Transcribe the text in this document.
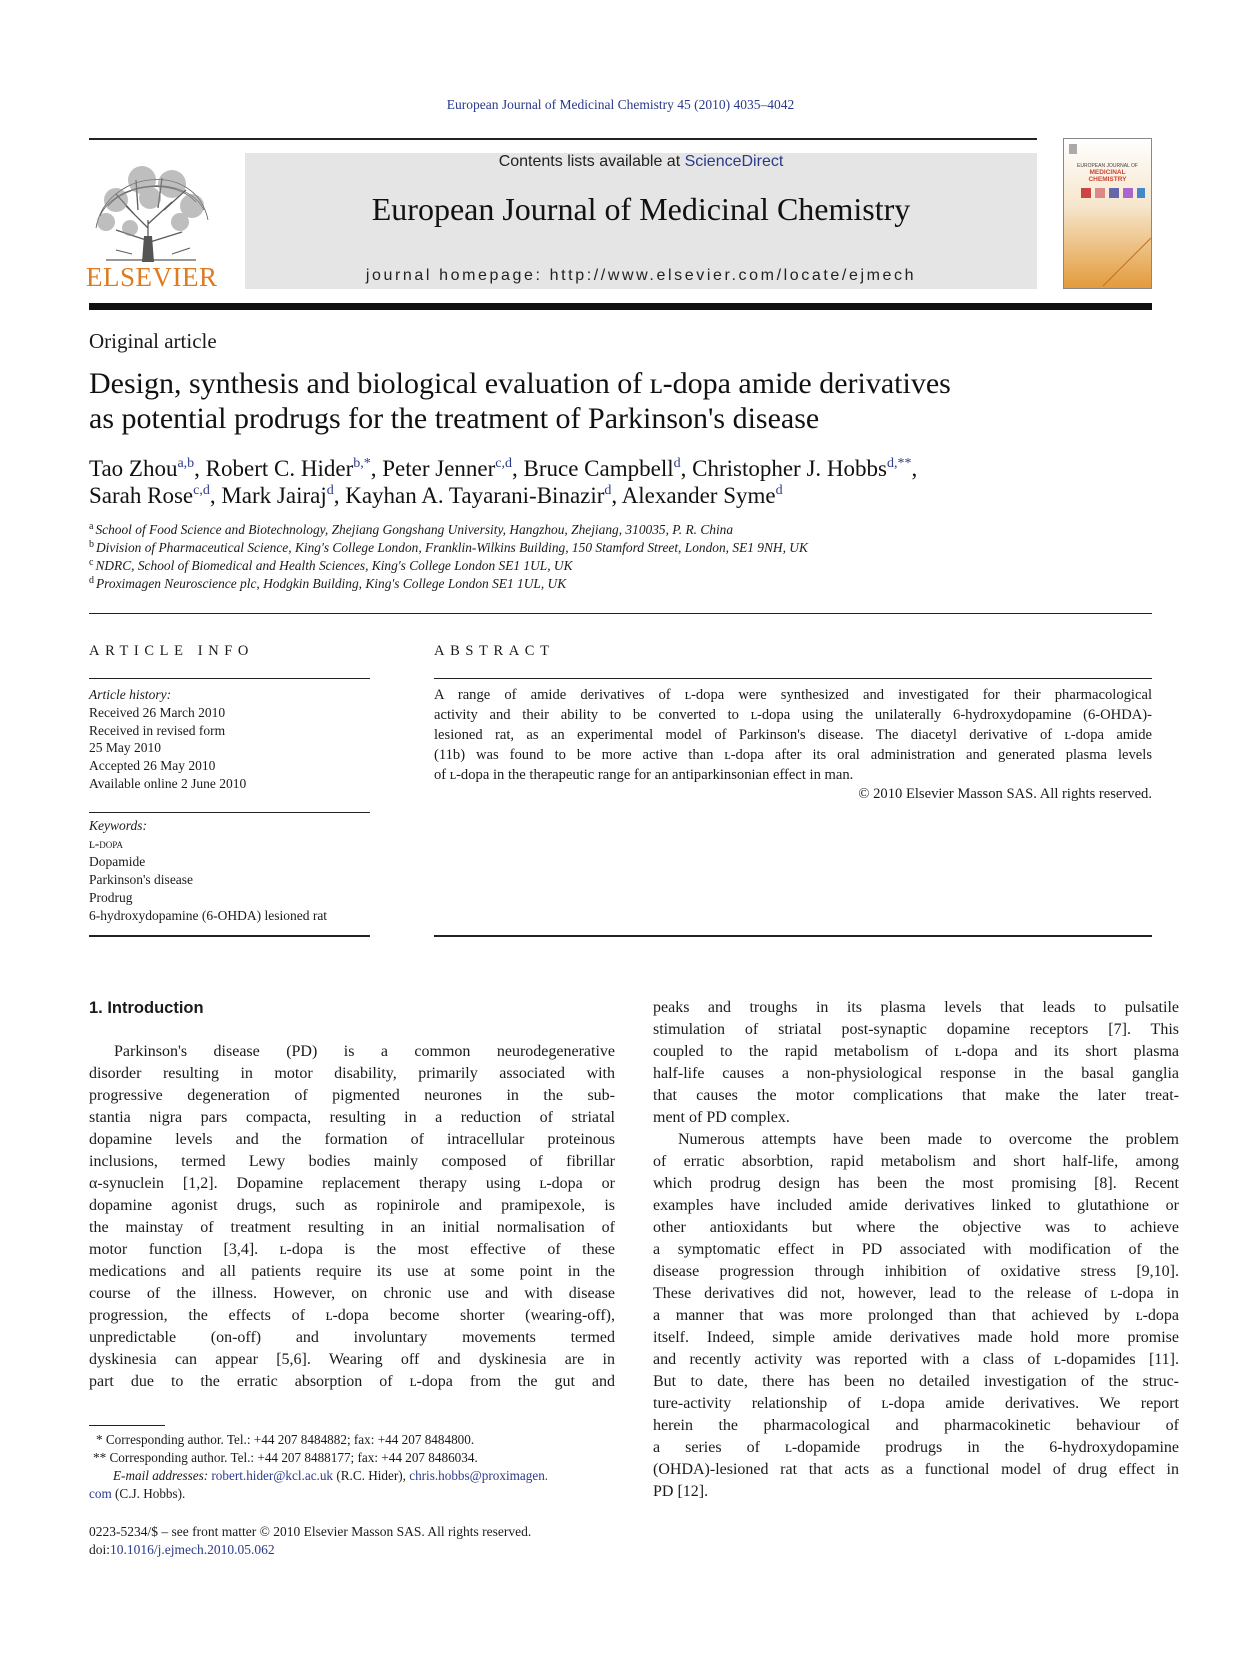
European Journal of Medicinal Chemistry 45 (2010) 4035–4042
ELSEVIER
Contents lists available at ScienceDirect
European Journal of Medicinal Chemistry
journal homepage: http://www.elsevier.com/locate/ejmech
EUROPEAN JOURNAL OF
MEDICINAL
CHEMISTRY
Original article
Design, synthesis and biological evaluation of ʟ-dopa amide derivatives
as potential prodrugs for the treatment of Parkinson's disease
Tao Zhou$^{a,b}$, Robert C. Hider$^{b,*}$, Peter Jenner$^{c,d}$, Bruce Campbell$^d$, Christopher J. Hobbs$^{d,**}$,
Sarah Rose$^{c,d}$, Mark Jairaj$^d$, Kayhan A. Tayarani-Binazir$^d$, Alexander Syme$^d$
$^a$ School of Food Science and Biotechnology, Zhejiang Gongshang University, Hangzhou, Zhejiang, 310035, P. R. China
$^b$ Division of Pharmaceutical Science, King's College London, Franklin-Wilkins Building, 150 Stamford Street, London, SE1 9NH, UK
$^c$ NDRC, School of Biomedical and Health Sciences, King's College London SE1 1UL, UK
$^d$ Proximagen Neuroscience plc, Hodgkin Building, King's College London SE1 1UL, UK
ARTICLE INFO
Article history:
Received 26 March 2010
Received in revised form
25 May 2010
Accepted 26 May 2010
Available online 2 June 2010
Keywords:
ʟ-dopa
Dopamide
Parkinson's disease
Prodrug
6-hydroxydopamine (6-OHDA) lesioned rat
ABSTRACT
A range of amide derivatives of ʟ-dopa were synthesized and investigated for their pharmacological
activity and their ability to be converted to ʟ-dopa using the unilaterally 6-hydroxydopamine (6-OHDA)-
lesioned rat, as an experimental model of Parkinson's disease. The diacetyl derivative of ʟ-dopa amide
(11b) was found to be more active than ʟ-dopa after its oral administration and generated plasma levels
of ʟ-dopa in the therapeutic range for an antiparkinsonian effect in man.
© 2010 Elsevier Masson SAS. All rights reserved.
1. Introduction
Parkinson's disease (PD) is a common neurodegenerative
disorder resulting in motor disability, primarily associated with
progressive degeneration of pigmented neurones in the sub-
stantia nigra pars compacta, resulting in a reduction of striatal
dopamine levels and the formation of intracellular proteinous
inclusions, termed Lewy bodies mainly composed of fibrillar
α-synuclein [1,2]. Dopamine replacement therapy using ʟ-dopa or
dopamine agonist drugs, such as ropinirole and pramipexole, is
the mainstay of treatment resulting in an initial normalisation of
motor function [3,4]. ʟ-dopa is the most effective of these
medications and all patients require its use at some point in the
course of the illness. However, on chronic use and with disease
progression, the effects of ʟ-dopa become shorter (wearing-off),
unpredictable (on-off) and involuntary movements termed
dyskinesia can appear [5,6]. Wearing off and dyskinesia are in
part due to the erratic absorption of ʟ-dopa from the gut and
peaks and troughs in its plasma levels that leads to pulsatile
stimulation of striatal post-synaptic dopamine receptors [7]. This
coupled to the rapid metabolism of ʟ-dopa and its short plasma
half-life causes a non-physiological response in the basal ganglia
that causes the motor complications that make the later treat-
ment of PD complex.
Numerous attempts have been made to overcome the problem
of erratic absorbtion, rapid metabolism and short half-life, among
which prodrug design has been the most promising [8]. Recent
examples have included amide derivatives linked to glutathione or
other antioxidants but where the objective was to achieve
a symptomatic effect in PD associated with modification of the
disease progression through inhibition of oxidative stress [9,10].
These derivatives did not, however, lead to the release of ʟ-dopa in
a manner that was more prolonged than that achieved by ʟ-dopa
itself. Indeed, simple amide derivatives made hold more promise
and recently activity was reported with a class of ʟ-dopamides [11].
But to date, there has been no detailed investigation of the struc-
ture-activity relationship of ʟ-dopa amide derivatives. We report
herein the pharmacological and pharmacokinetic behaviour of
a series of ʟ-dopamide prodrugs in the 6-hydroxydopamine
(OHDA)-lesioned rat that acts as a functional model of drug effect in
PD [12].
* Corresponding author. Tel.: +44 207 8484882; fax: +44 207 8484800.
** Corresponding author. Tel.: +44 207 8488177; fax: +44 207 8486034.
E-mail addresses: robert.hider@kcl.ac.uk (R.C. Hider), chris.hobbs@proximagen.
com (C.J. Hobbs).
0223-5234/$ – see front matter © 2010 Elsevier Masson SAS. All rights reserved.
doi:10.1016/j.ejmech.2010.05.062
